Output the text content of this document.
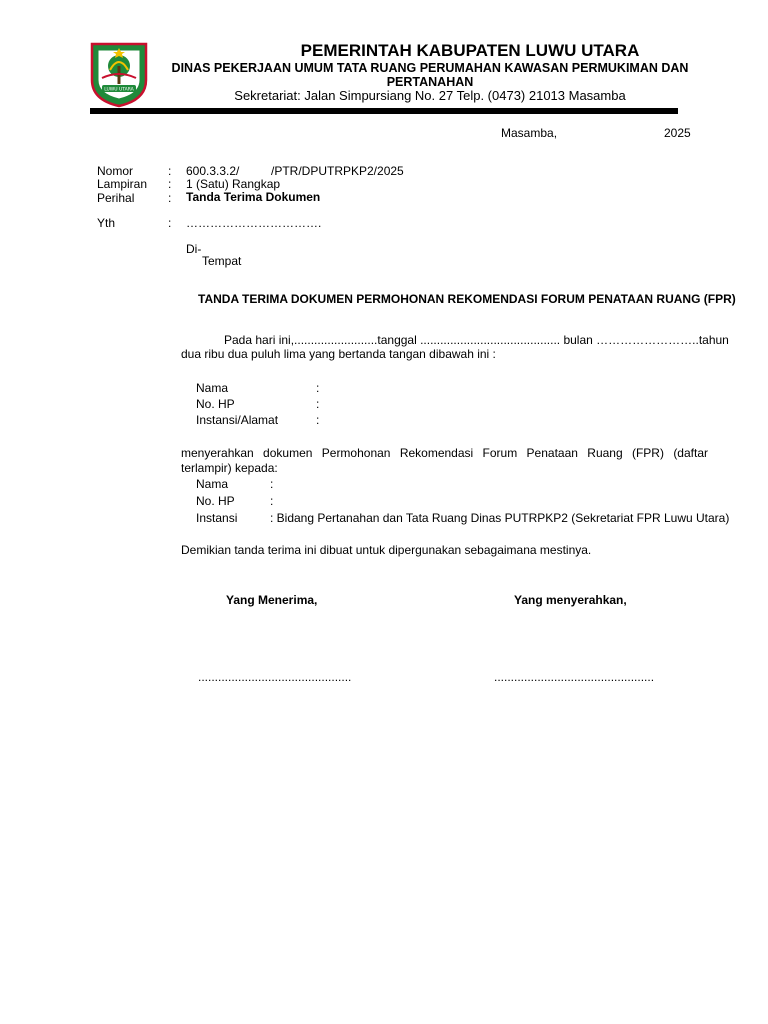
LUWU UTARA
PEMERINTAH KABUPATEN LUWU UTARA
DINAS PEKERJAAN UMUM TATA RUANG PERUMAHAN KAWASAN PERMUKIMAN DAN PERTANAHAN
Sekretariat: Jalan Simpursiang No. 27 Telp. (0473) 21013 Masamba
Masamba,	2025
Nomor	: 600.3.3.2/	/PTR/DPUTRPKP2/2025
Lampiran : 1 (Satu) Rangkap
Perihal	: Tanda Terima Dokumen
Yth	: …………………………….
Di-
Tempat
TANDA TERIMA DOKUMEN PERMOHONAN REKOMENDASI FORUM PENATAAN RUANG (FPR)
Pada hari ini,.........................tanggal .......................................... bulan ……………………..tahun
dua ribu dua puluh lima yang bertanda tangan dibawah ini :
Nama	:
No. HP	:
Instansi/Alamat	:
menyerahkan dokumen Permohonan Rekomendasi Forum Penataan Ruang (FPR) (daftar terlampir) kepada:
Nama	:
No. HP	:
Instansi	: Bidang Pertanahan dan Tata Ruang Dinas PUTRPKP2 (Sekretariat FPR Luwu Utara)
Demikian tanda terima ini dibuat untuk dipergunakan sebagaimana mestinya.
Yang Menerima,	Yang menyerahkan,
..............................................	................................................
